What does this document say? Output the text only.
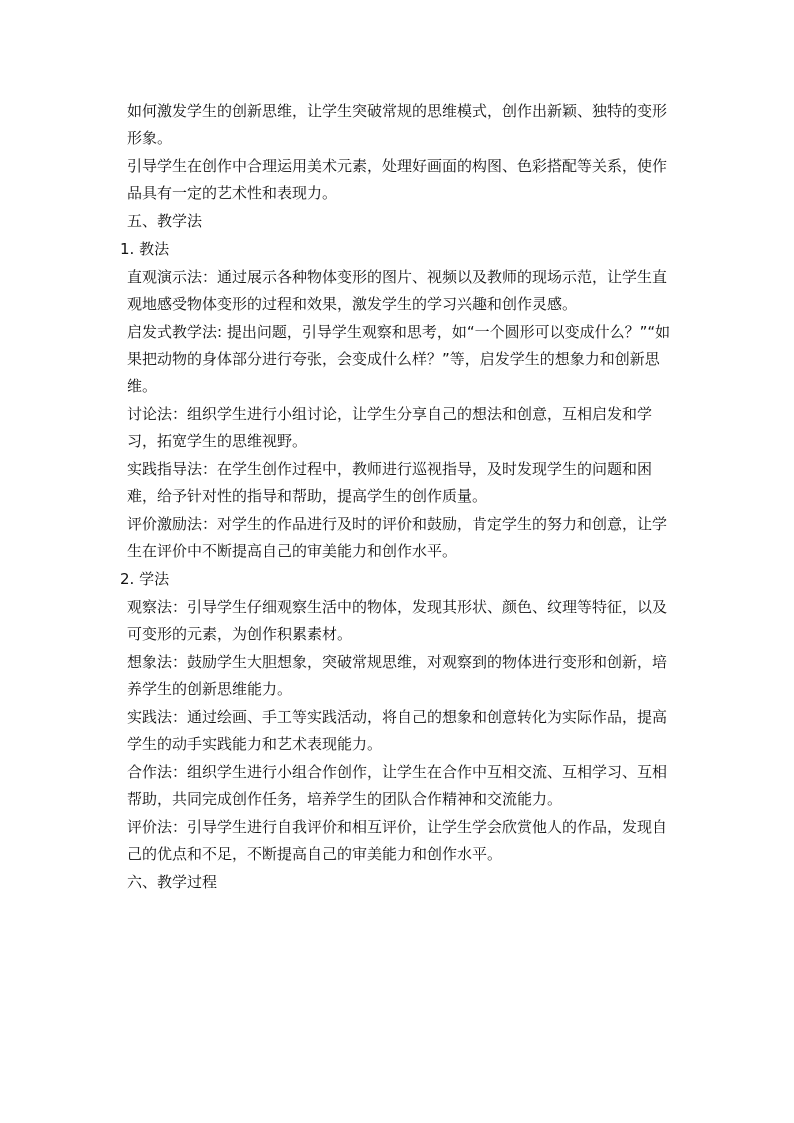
如何激发学生的创新思维，让学生突破常规的思维模式，创作出新颖、独特的变形形象。
引导学生在创作中合理运用美术元素，处理好画面的构图、色彩搭配等关系，使作品具有一定的艺术性和表现力。
五、教学法
1. 教法
直观演示法：通过展示各种物体变形的图片、视频以及教师的现场示范，让学生直观地感受物体变形的过程和效果，激发学生的学习兴趣和创作灵感。
启发式教学法: 提出问题，引导学生观察和思考，如“一个圆形可以变成什么？”“如果把动物的身体部分进行夸张，会变成什么样？”等，启发学生的想象力和创新思维。
讨论法：组织学生进行小组讨论，让学生分享自己的想法和创意，互相启发和学习，拓宽学生的思维视野。
实践指导法：在学生创作过程中，教师进行巡视指导，及时发现学生的问题和困难，给予针对性的指导和帮助，提高学生的创作质量。
评价激励法：对学生的作品进行及时的评价和鼓励，肯定学生的努力和创意，让学生在评价中不断提高自己的审美能力和创作水平。
2. 学法
观察法：引导学生仔细观察生活中的物体，发现其形状、颜色、纹理等特征，以及可变形的元素，为创作积累素材。
想象法：鼓励学生大胆想象，突破常规思维，对观察到的物体进行变形和创新，培养学生的创新思维能力。
实践法：通过绘画、手工等实践活动，将自己的想象和创意转化为实际作品，提高学生的动手实践能力和艺术表现能力。
合作法：组织学生进行小组合作创作，让学生在合作中互相交流、互相学习、互相帮助，共同完成创作任务，培养学生的团队合作精神和交流能力。
评价法：引导学生进行自我评价和相互评价，让学生学会欣赏他人的作品，发现自己的优点和不足，不断提高自己的审美能力和创作水平。
六、教学过程
